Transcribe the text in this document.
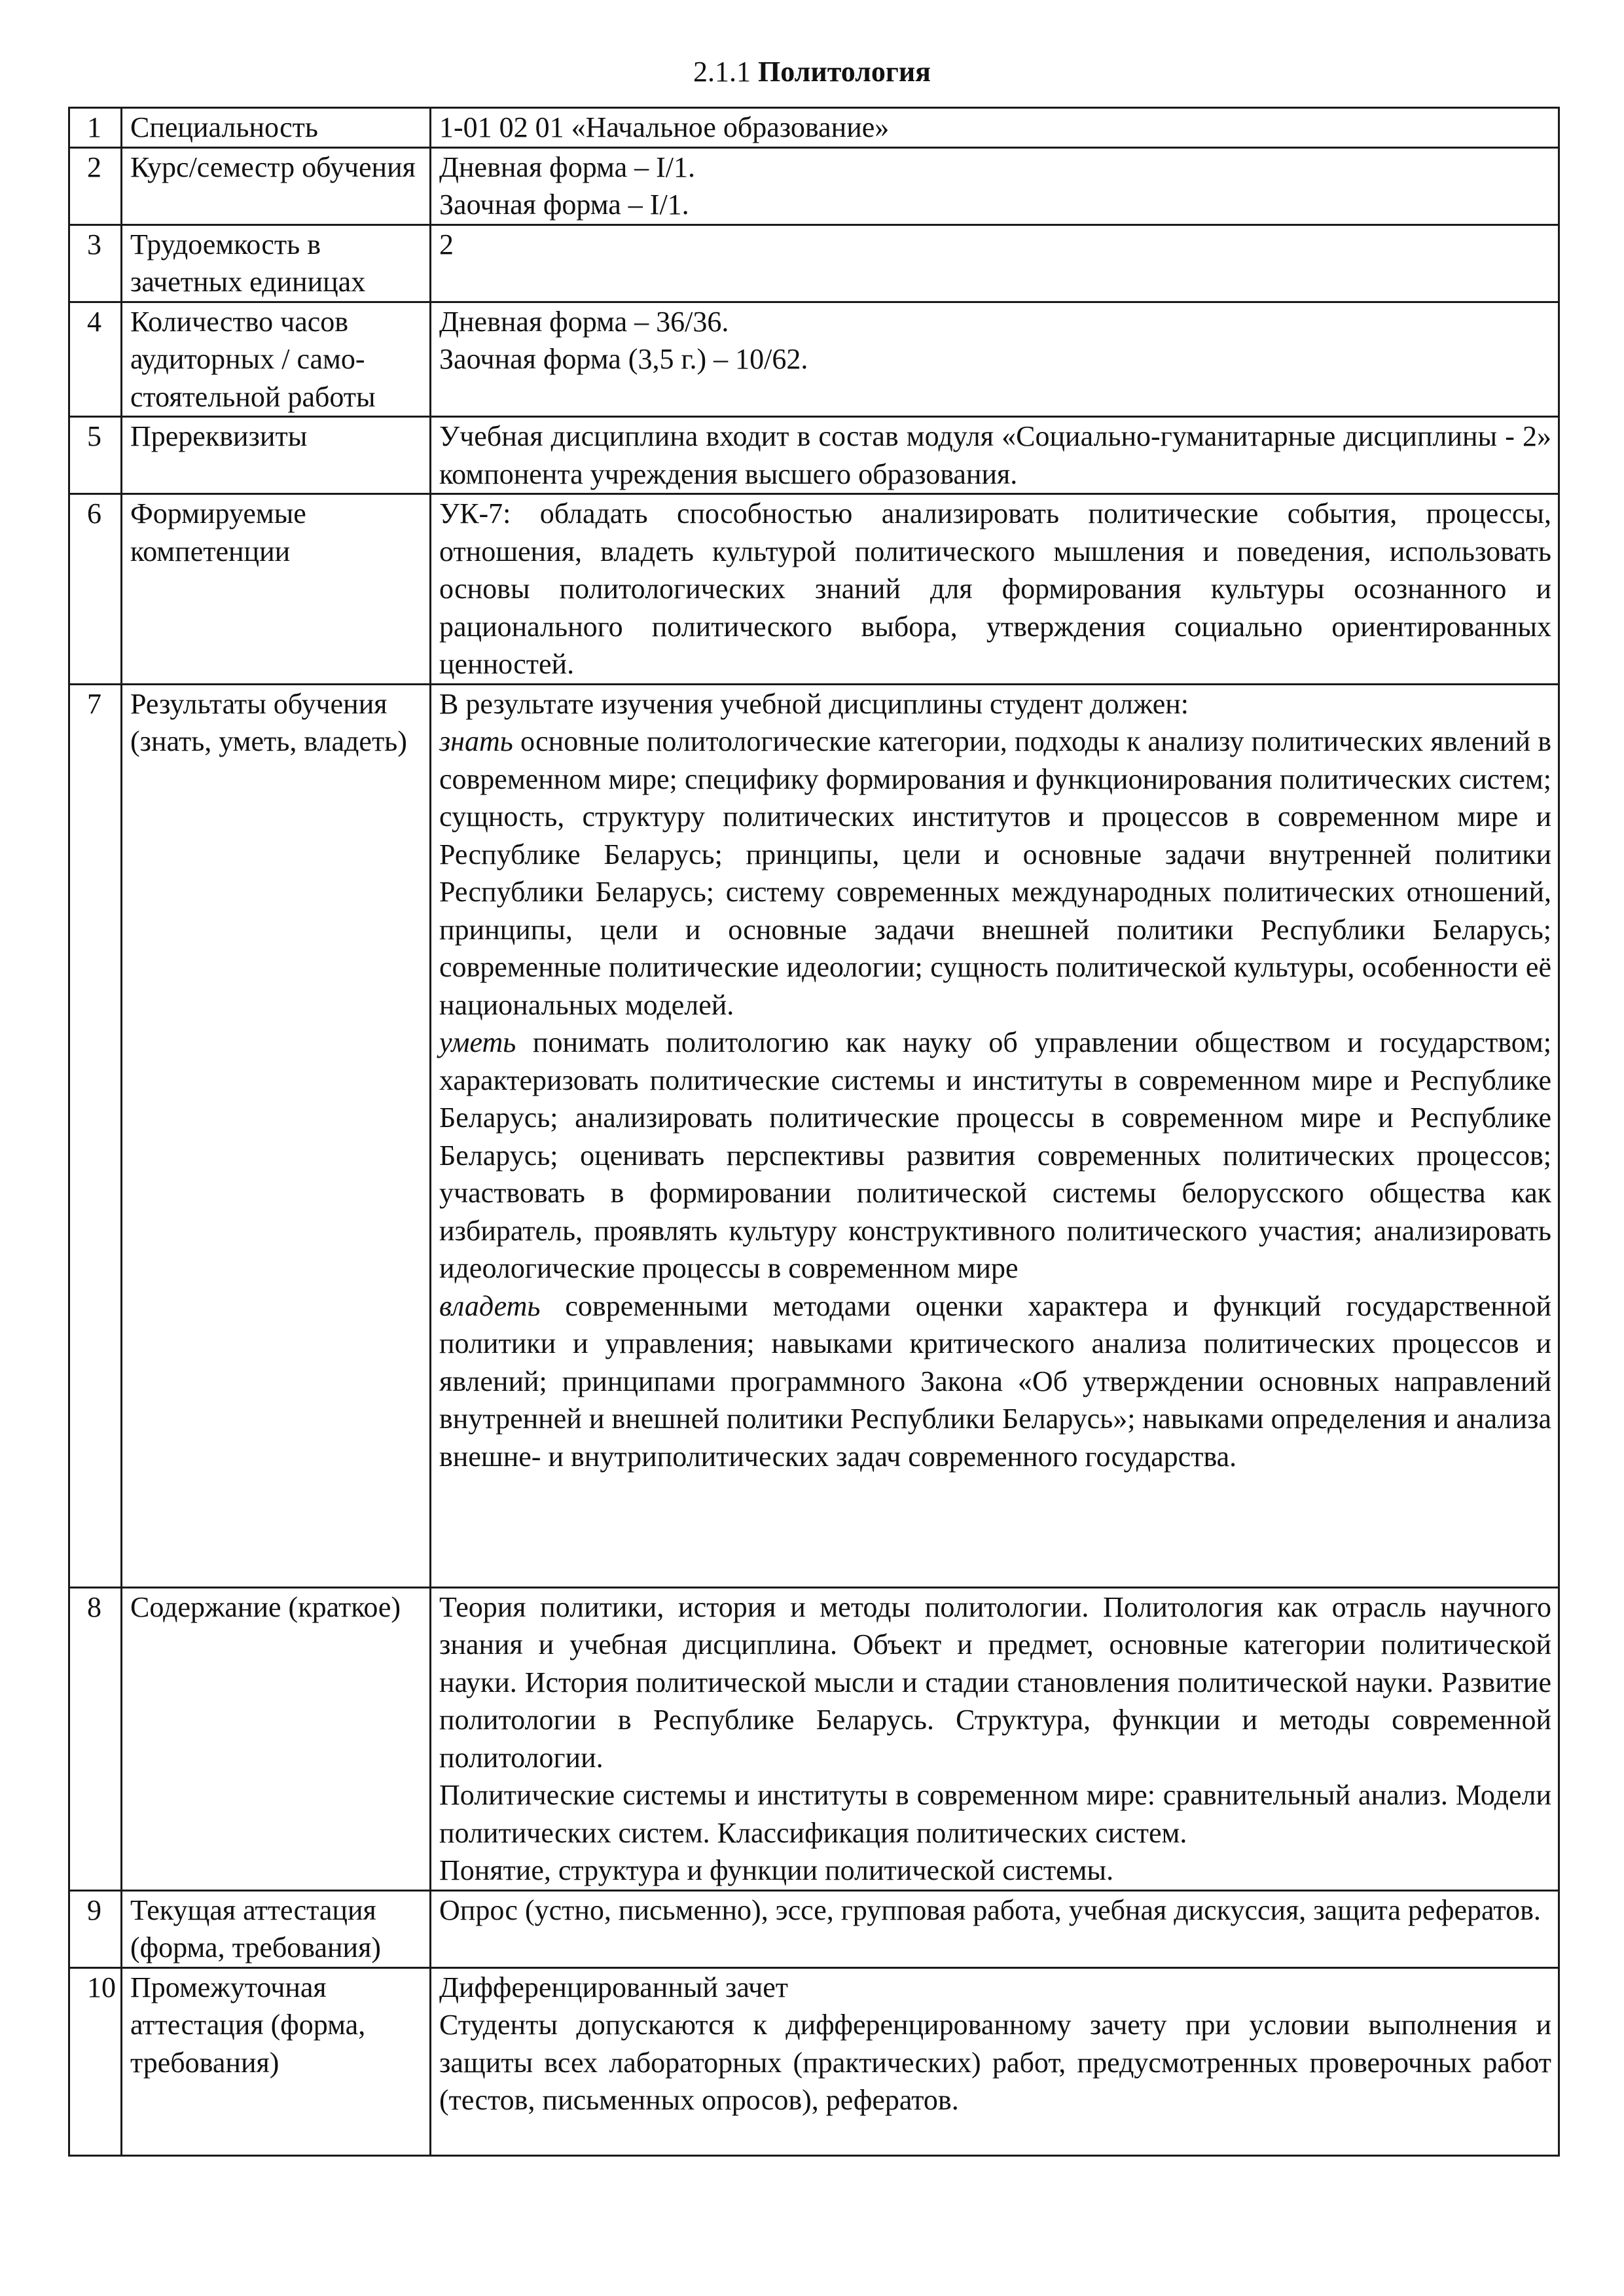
2.1.1 Политология
1	Специальность	1-01 02 01 «Начальное образование»

2	Курс/семестр обучения	Дневная форма – I/1.

Заочная форма – I/1.

3	Трудоемкость в зачетных единицах	2

4	Количество часов аудиторных / само-стоятельной работы	Дневная форма – 36/36.

Заочная форма (3,5 г.) – 10/62.

5	Пререквизиты	Учебная дисциплина входит в состав модуля «Социально-гуманитарные дисциплины - 2» компонента учреждения высшего образования.

6	Формируемые компетенции	УК-7: обладать способностью анализировать политические события, процессы, отношения, владеть культурой политического мышления и поведения, использовать основы политологических знаний для формирования культуры осознанного и рационального политического выбора, утверждения социально ориентированных ценностей.

7	Результаты обучения (знать, уметь, владеть)	В результате изучения учебной дисциплины студент должен:

знать основные политологические категории, подходы к анализу политических явлений в современном мире; специфику формирования и функционирования политических систем; сущность, структуру политических институтов и процессов в современном мире и Республике Беларусь; принципы, цели и основные задачи внутренней политики Республики Беларусь; систему современных международных политических отношений, принципы, цели и основные задачи внешней политики Республики Беларусь; современные политические идеологии; сущность политической культуры, особенности её национальных моделей.

уметь понимать политологию как науку об управлении обществом и государством; характеризовать политические системы и институты в современном мире и Республике Беларусь; анализировать политические процессы в современном мире и Республике Беларусь; оценивать перспективы развития современных политических процессов; участвовать в формировании политической системы белорусского общества как избиратель, проявлять культуру конструктивного политического участия; анализировать идеологические процессы в современном мире

владеть современными методами оценки характера и функций государственной политики и управления; навыками критического анализа политических процессов и явлений; принципами программного Закона «Об утверждении основных направлений внутренней и внешней политики Республики Беларусь»; навыками определения и анализа внешне- и внутриполитических задач современного государства.

8	Содержание (краткое)	Теория политики, история и методы политологии. Политология как отрасль научного знания и учебная дисциплина. Объект и предмет, основные категории политической науки. История политической мысли и стадии становления политической науки. Развитие политологии в Республике Беларусь. Структура, функции и методы современной политологии.

Политические системы и институты в современном мире: сравнительный анализ. Модели политических систем. Классификация политических систем.

Понятие, структура и функции политической системы.

9	Текущая аттестация (форма, требования)	Опрос (устно, письменно), эссе, групповая работа, учебная дискуссия, защита рефератов.

10	Промежуточная аттестация (форма, требования)	Дифференцированный зачет

Студенты допускаются к дифференцированному зачету при условии выполнения и защиты всех лабораторных (практических) работ, предусмотренных проверочных работ (тестов, письменных опросов), рефератов.
